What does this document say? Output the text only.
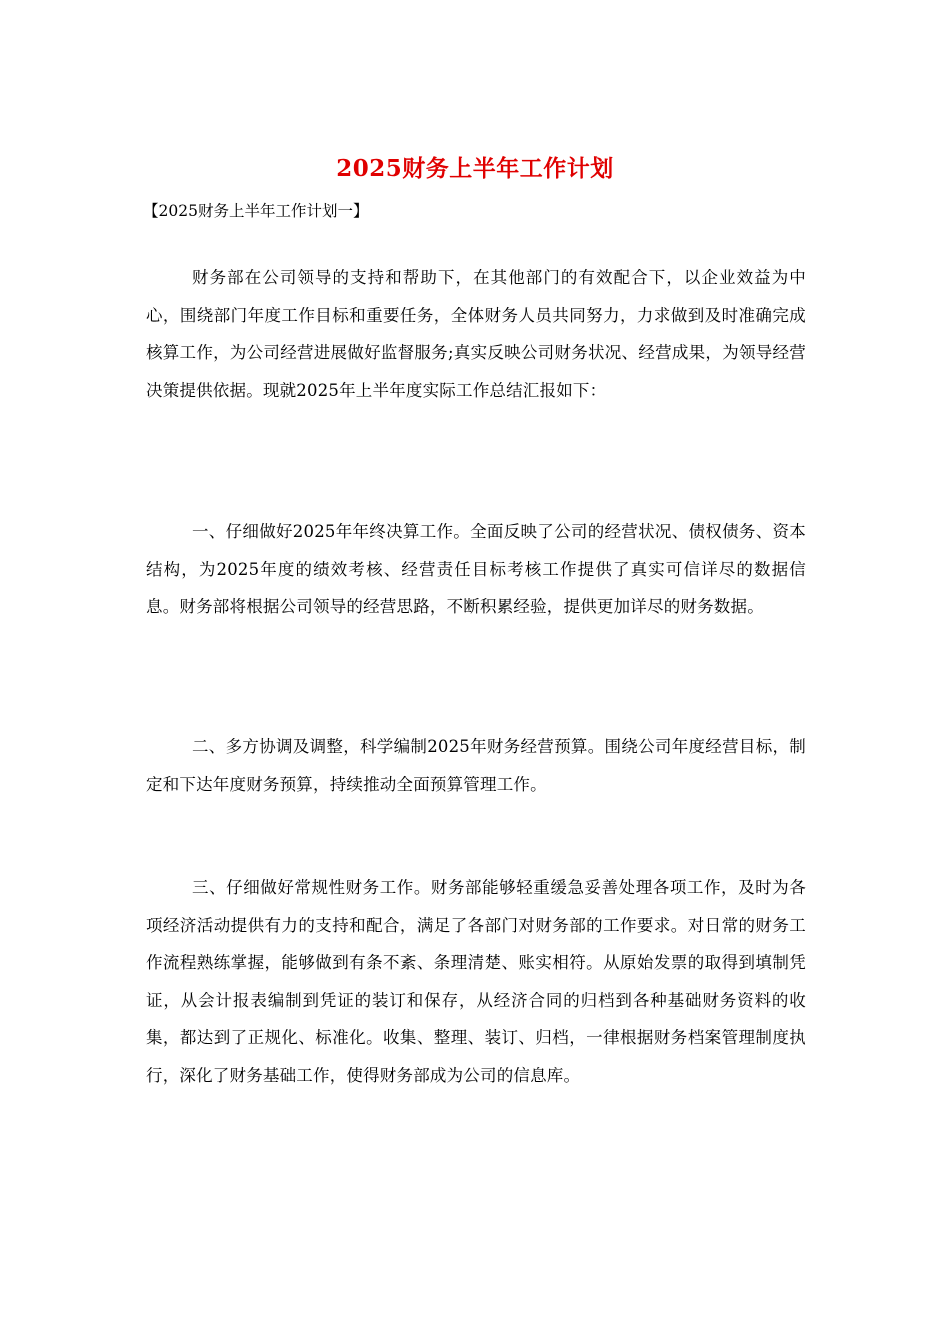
2025财务上半年工作计划
【2025财务上半年工作计划一】

财务部在公司领导的支持和帮助下，在其他部门的有效配合下，以企业效益为中心，围绕部门年度工作目标和重要任务，全体财务人员共同努力，力求做到及时准确完成核算工作，为公司经营进展做好监督服务;真实反映公司财务状况、经营成果，为领导经营决策提供依据。现就2025年上半年度实际工作总结汇报如下：

一、仔细做好2025年年终决算工作。全面反映了公司的经营状况、债权债务、资本结构，为2025年度的绩效考核、经营责任目标考核工作提供了真实可信详尽的数据信息。财务部将根据公司领导的经营思路，不断积累经验，提供更加详尽的财务数据。

二、多方协调及调整，科学编制2025年财务经营预算。围绕公司年度经营目标，制定和下达年度财务预算，持续推动全面预算管理工作。

三、仔细做好常规性财务工作。财务部能够轻重缓急妥善处理各项工作，及时为各项经济活动提供有力的支持和配合，满足了各部门对财务部的工作要求。对日常的财务工作流程熟练掌握，能够做到有条不紊、条理清楚、账实相符。从原始发票的取得到填制凭证，从会计报表编制到凭证的装订和保存，从经济合同的归档到各种基础财务资料的收集，都达到了正规化、标准化。收集、整理、装订、归档，一律根据财务档案管理制度执行，深化了财务基础工作，使得财务部成为公司的信息库。
